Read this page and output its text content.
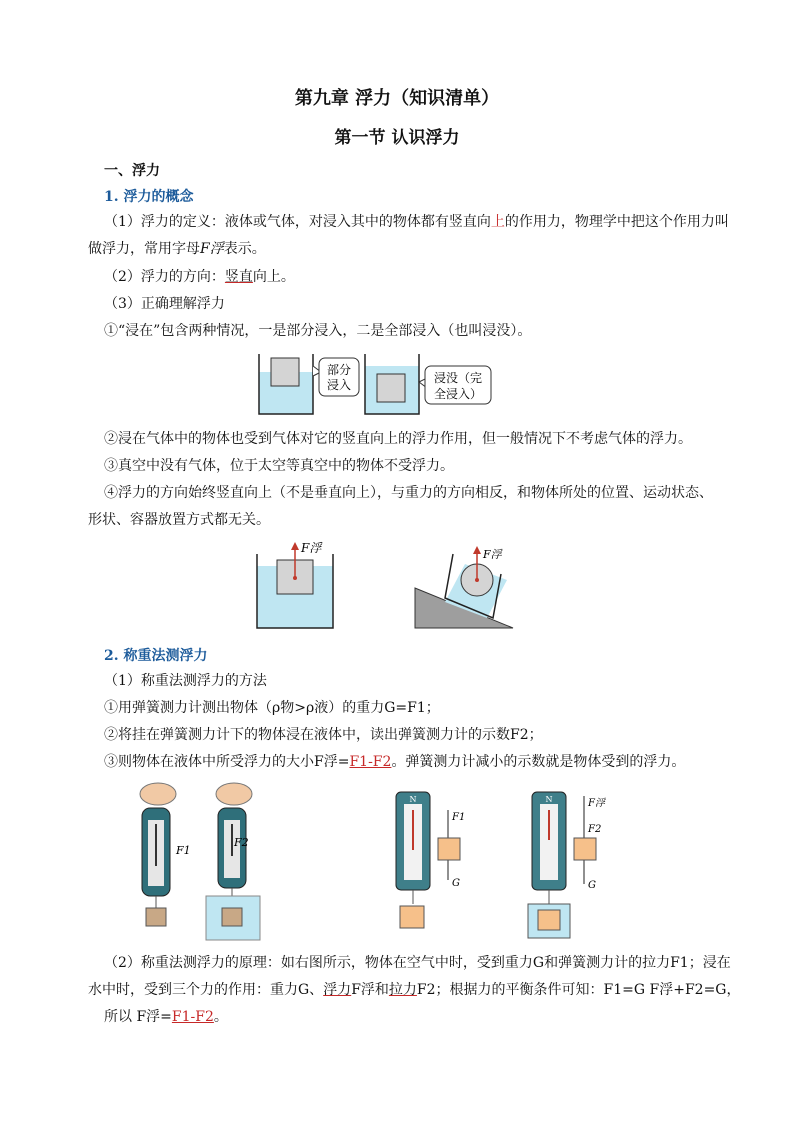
第九章 浮力（知识清单）
第一节 认识浮力
一、浮力
1. 浮力的概念
（1）浮力的定义：液体或气体，对浸入其中的物体都有竖直向上的作用力，物理学中把这个作用力叫
做浮力，常用字母F浮表示。
（2）浮力的方向：竖直向上。
（3）正确理解浮力
①“浸在”包含两种情况，一是部分浸入，二是全部浸入（也叫浸没）。
部分
浸入	浸没（完
全浸入）
②浸在气体中的物体也受到气体对它的竖直向上的浮力作用，但一般情况下不考虑气体的浮力。
③真空中没有气体，位于太空等真空中的物体不受浮力。
④浮力的方向始终竖直向上（不是垂直向上），与重力的方向相反，和物体所处的位置、运动状态、
形状、容器放置方式都无关。
F浮	F浮
2. 称重法测浮力
（1）称重法测浮力的方法
①用弹簧测力计测出物体（ρ物>ρ液）的重力G=F1；
②将挂在弹簧测力计下的物体浸在液体中，读出弹簧测力计的示数F2；
③则物体在液体中所受浮力的大小F浮=F1-F2。弹簧测力计减小的示数就是物体受到的浮力。
F1
F2
N
F1
G
N	F浮
F2
G
（2）称重法测浮力的原理：如右图所示，物体在空气中时，受到重力G和弹簧测力计的拉力F1；浸在
水中时，受到三个力的作用：重力G、浮力F浮和拉力F2；根据力的平衡条件可知：F1=G F浮+F2=G，
所以 F浮=F1-F2。
